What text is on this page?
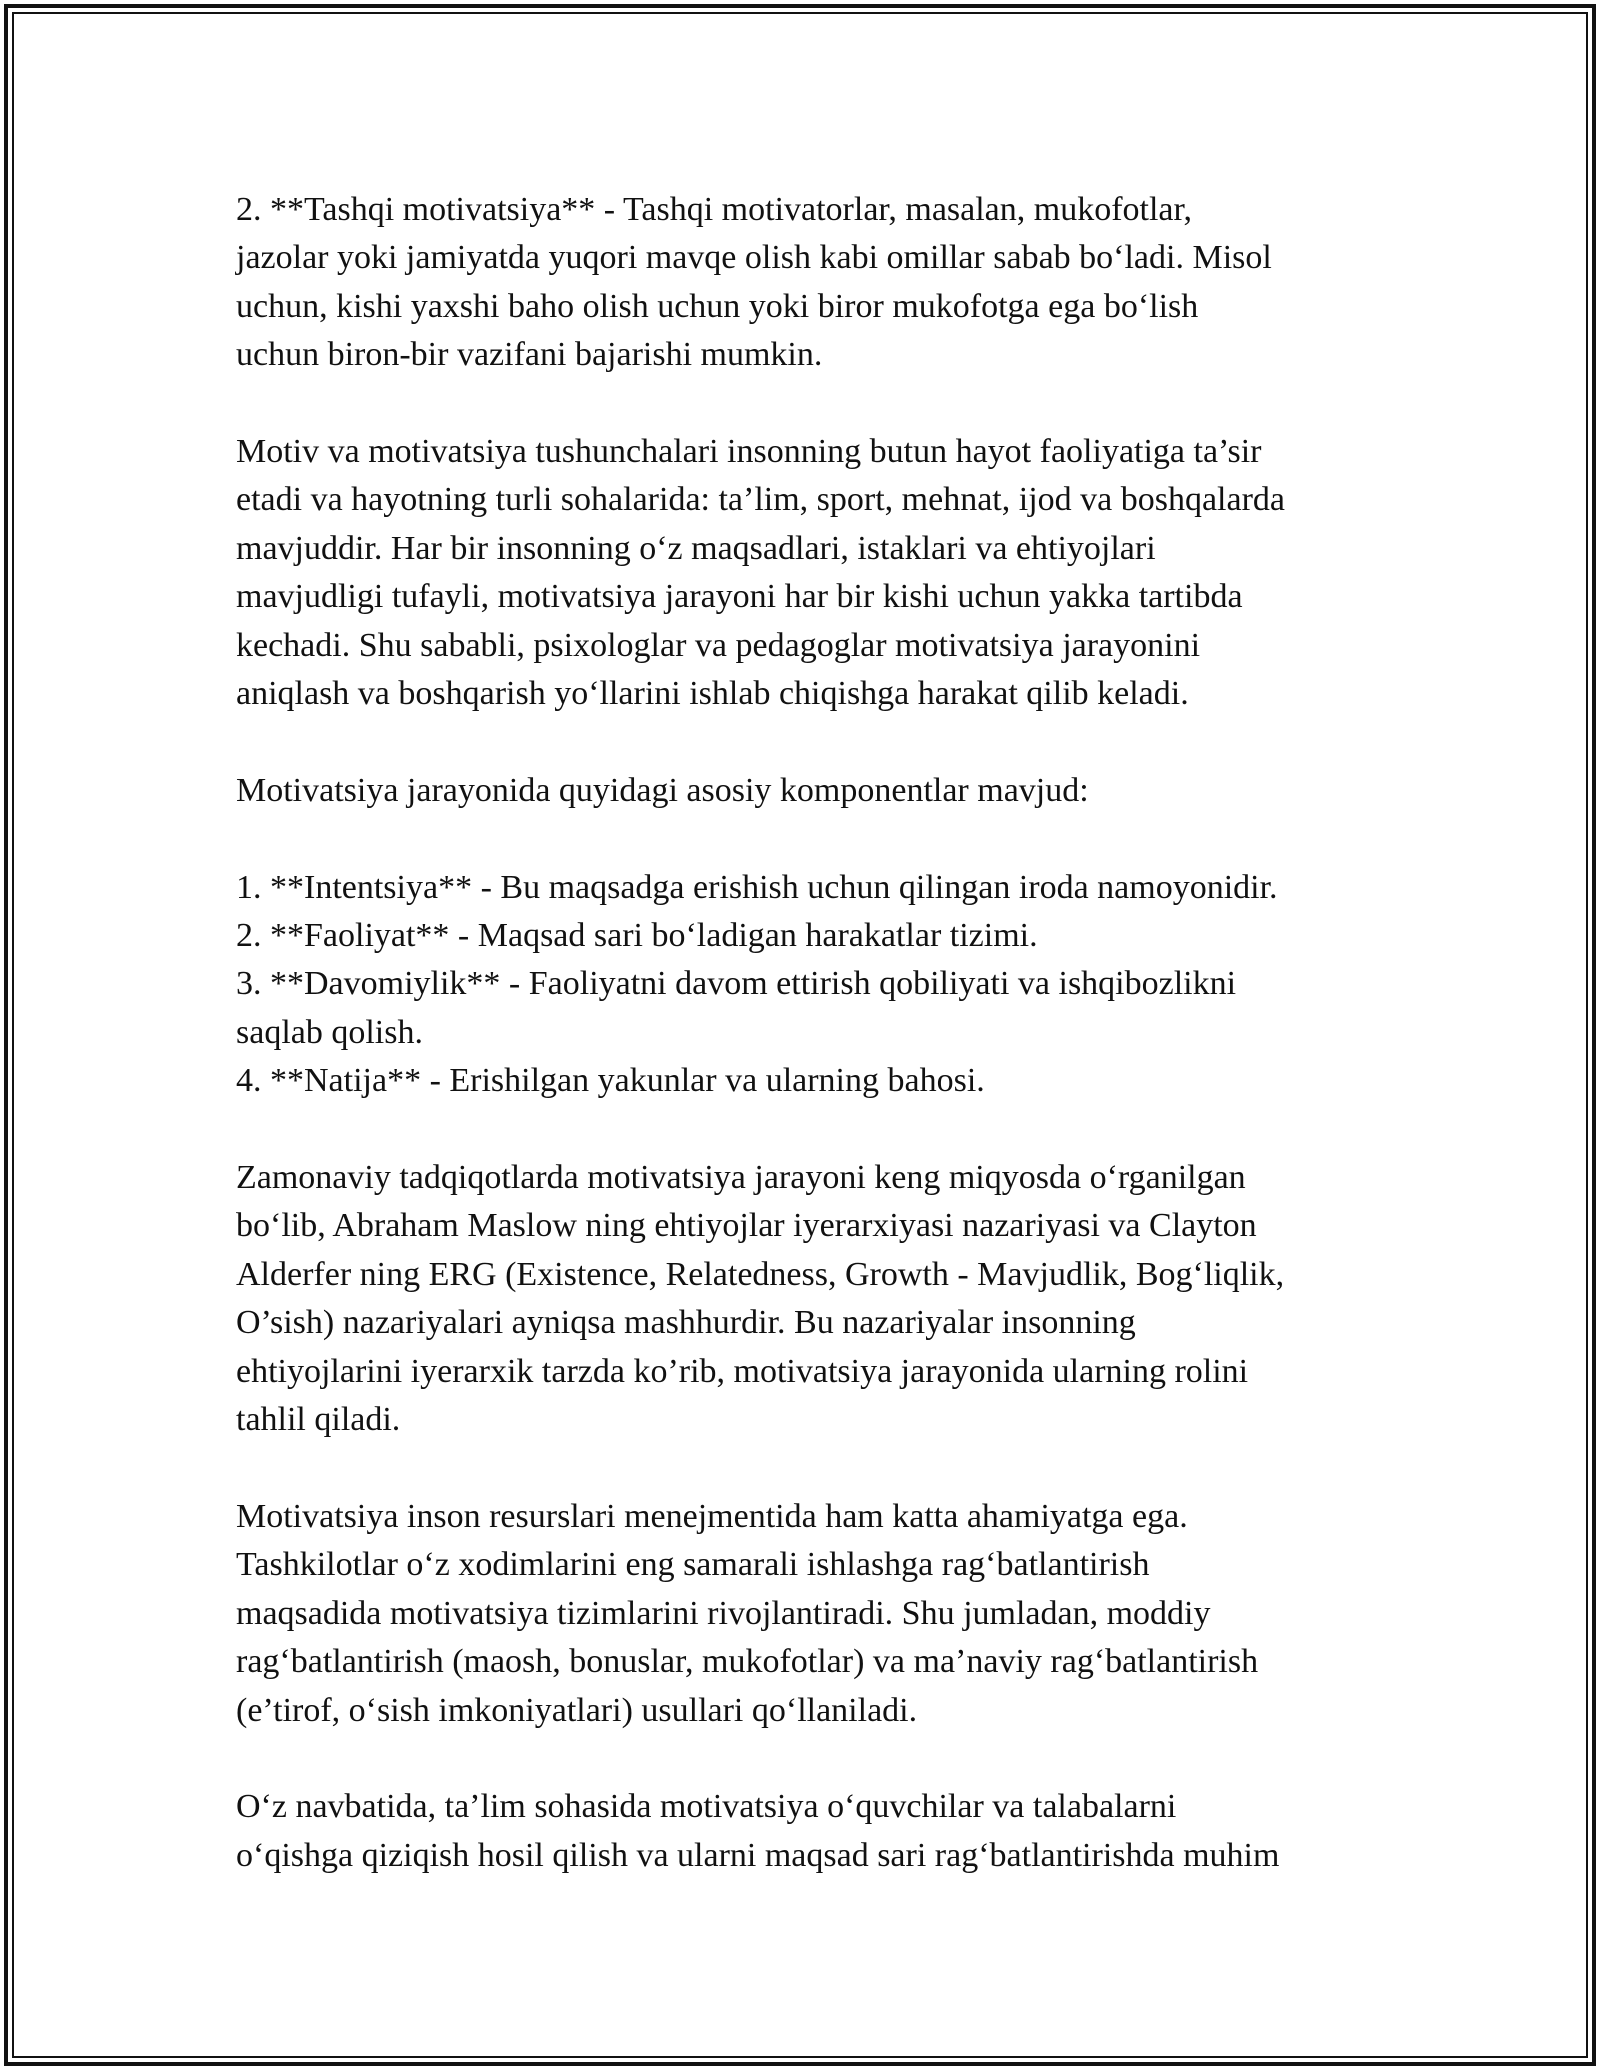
2. **Tashqi motivatsiya** - Tashqi motivatorlar, masalan, mukofotlar,
jazolar yoki jamiyatda yuqori mavqe olish kabi omillar sabab bo‘ladi. Misol
uchun, kishi yaxshi baho olish uchun yoki biror mukofotga ega bo‘lish
uchun biron-bir vazifani bajarishi mumkin.

Motiv va motivatsiya tushunchalari insonning butun hayot faoliyatiga ta’sir
etadi va hayotning turli sohalarida: ta’lim, sport, mehnat, ijod va boshqalarda
mavjuddir. Har bir insonning o‘z maqsadlari, istaklari va ehtiyojlari
mavjudligi tufayli, motivatsiya jarayoni har bir kishi uchun yakka tartibda
kechadi. Shu sababli, psixologlar va pedagoglar motivatsiya jarayonini
aniqlash va boshqarish yo‘llarini ishlab chiqishga harakat qilib keladi.

Motivatsiya jarayonida quyidagi asosiy komponentlar mavjud:

1. **Intentsiya** - Bu maqsadga erishish uchun qilingan iroda namoyonidir.
2. **Faoliyat** - Maqsad sari bo‘ladigan harakatlar tizimi.
3. **Davomiylik** - Faoliyatni davom ettirish qobiliyati va ishqibozlikni
saqlab qolish.
4. **Natija** - Erishilgan yakunlar va ularning bahosi.

Zamonaviy tadqiqotlarda motivatsiya jarayoni keng miqyosda o‘rganilgan
bo‘lib, Abraham Maslow ning ehtiyojlar iyerarxiyasi nazariyasi va Clayton
Alderfer ning ERG (Existence, Relatedness, Growth - Mavjudlik, Bog‘liqlik,
O’sish) nazariyalari ayniqsa mashhurdir. Bu nazariyalar insonning
ehtiyojlarini iyerarxik tarzda ko’rib, motivatsiya jarayonida ularning rolini
tahlil qiladi.

Motivatsiya inson resurslari menejmentida ham katta ahamiyatga ega.
Tashkilotlar o‘z xodimlarini eng samarali ishlashga rag‘batlantirish
maqsadida motivatsiya tizimlarini rivojlantiradi. Shu jumladan, moddiy
rag‘batlantirish (maosh, bonuslar, mukofotlar) va ma’naviy rag‘batlantirish
(e’tirof, o‘sish imkoniyatlari) usullari qo‘llaniladi.

O‘z navbatida, ta’lim sohasida motivatsiya o‘quvchilar va talabalarni
o‘qishga qiziqish hosil qilish va ularni maqsad sari rag‘batlantirishda muhim
